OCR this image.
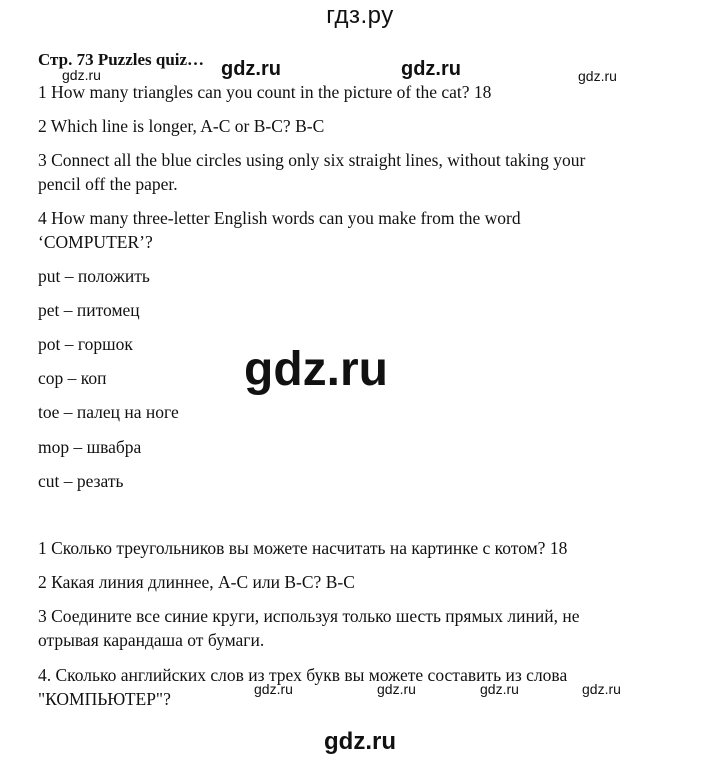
гдз.ру
Стр. 73 Puzzles quiz…
gdz.ru	gdz.ru	gdz.ru	gdz.ru
1 How many triangles can you count in the picture of the cat? 18
2 Which line is longer, A-C or B-C? B-C
3 Connect all the blue circles using only six straight lines, without taking your
pencil off the paper.
4 How many three-letter English words can you make from the word
‘COMPUTER’?
put – положить
pet – питомец
pot – горшок
cop – коп
toe – палец на ноге
mop – швабра
cut – резать
gdz.ru
1 Сколько треугольников вы можете насчитать на картинке с котом? 18
2 Какая линия длиннее, А-С или В-С? В-С
3 Соедините все синие круги, используя только шесть прямых линий, не
отрывая карандаша от бумаги.
4. Сколько английских слов из трех букв вы можете составить из слова
"КОМПЬЮТЕР"?	gdz.ru	gdz.ru	gdz.ru	gdz.ru
gdz.ru
